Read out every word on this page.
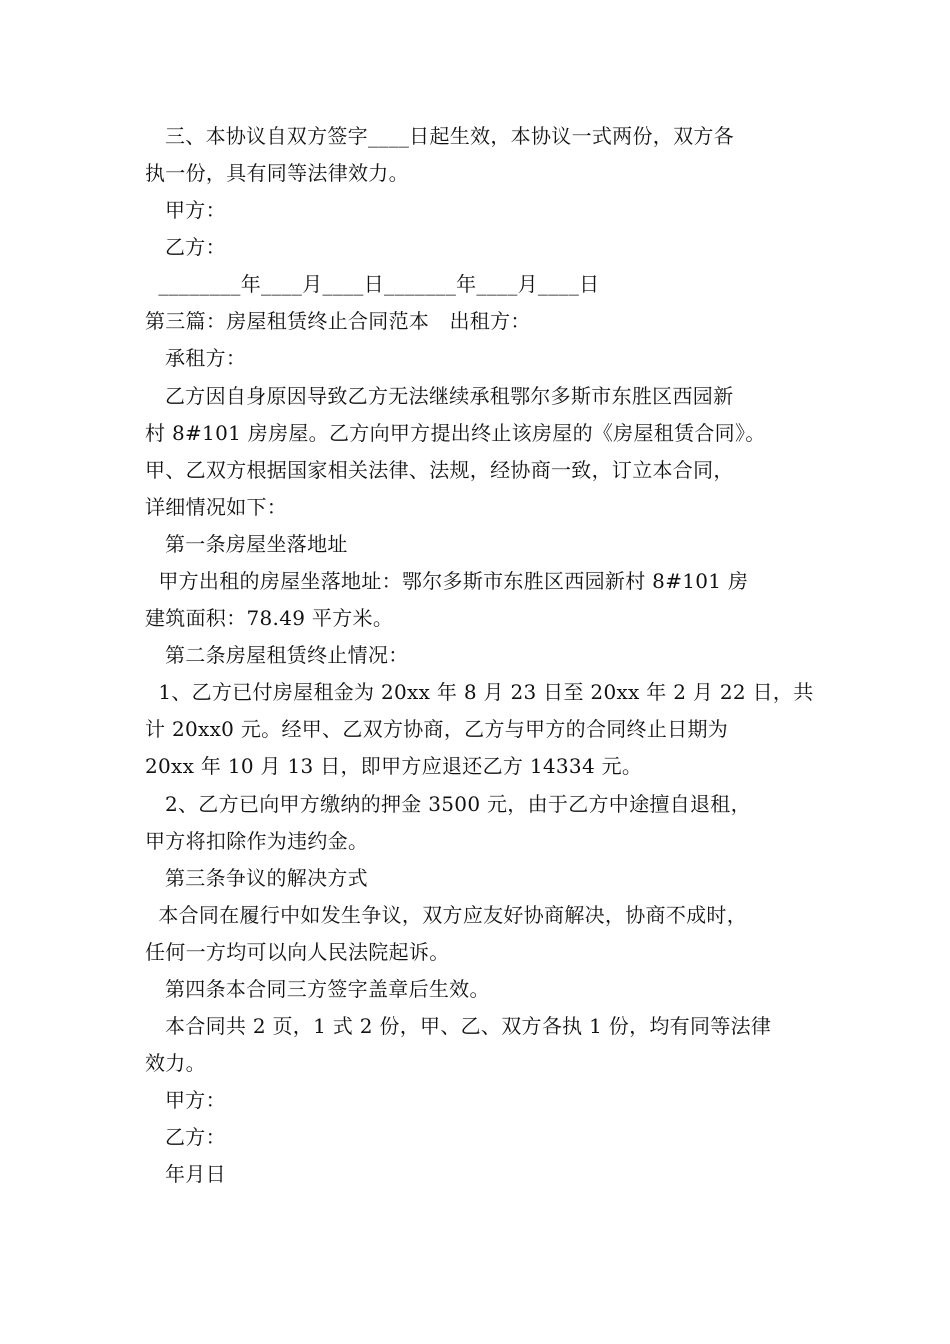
三、本协议自双方签字____日起生效，本协议一式两份，双方各
执一份，具有同等法律效力。
甲方：
乙方：
________年____月____日_______年____月____日
第三篇：房屋租赁终止合同范本　出租方：
承租方：
乙方因自身原因导致乙方无法继续承租鄂尔多斯市东胜区西园新
村 8#101 房房屋。乙方向甲方提出终止该房屋的《房屋租赁合同》。
甲、乙双方根据国家相关法律、法规，经协商一致，订立本合同，
详细情况如下：
第一条房屋坐落地址
甲方出租的房屋坐落地址：鄂尔多斯市东胜区西园新村 8#101 房
建筑面积：78.49 平方米。
第二条房屋租赁终止情况：
1、乙方已付房屋租金为 20xx 年 8 月 23 日至 20xx 年 2 月 22 日，共
计 20xx0 元。经甲、乙双方协商，乙方与甲方的合同终止日期为
20xx 年 10 月 13 日，即甲方应退还乙方 14334 元。
2、乙方已向甲方缴纳的押金 3500 元，由于乙方中途擅自退租，
甲方将扣除作为违约金。
第三条争议的解决方式
本合同在履行中如发生争议，双方应友好协商解决，协商不成时，
任何一方均可以向人民法院起诉。
第四条本合同三方签字盖章后生效。
本合同共 2 页，1 式 2 份，甲、乙、双方各执 1 份，均有同等法律
效力。
甲方：
乙方：
年月日
